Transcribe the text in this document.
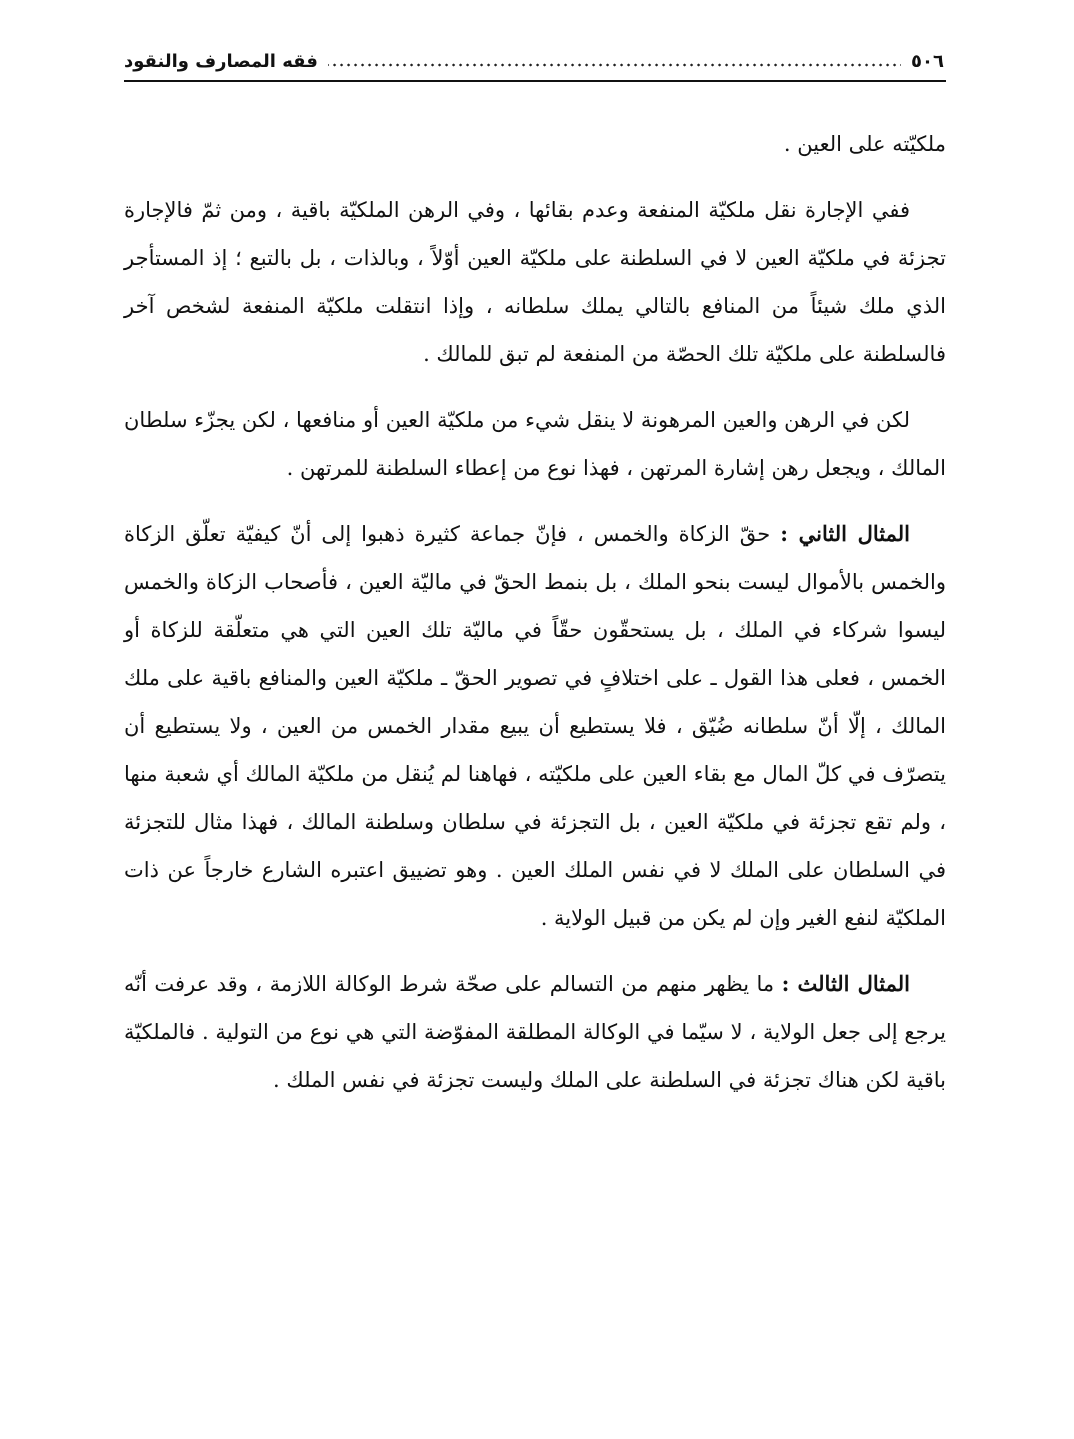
٥٠٦
فقه المصارف والنقود

ملكيّته على العين .

ففي الإجارة نقل ملكيّة المنفعة وعدم بقائها ، وفي الرهن الملكيّة باقية ، ومن ثمّ فالإجارة تجزئة في ملكيّة العين لا في السلطنة على ملكيّة العين أوّلاً ، وبالذات ، بل بالتبع ؛ إذ المستأجر الذي ملك شيئاً من المنافع بالتالي يملك سلطانه ، وإذا انتقلت ملكيّة المنفعة لشخص آخر فالسلطنة على ملكيّة تلك الحصّة من المنفعة لم تبق للمالك .

لكن في الرهن والعين المرهونة لا ينقل شيء من ملكيّة العين أو منافعها ، لكن يجزّء سلطان المالك ، ويجعل رهن إشارة المرتهن ، فهذا نوع من إعطاء السلطنة للمرتهن .

المثال الثاني : حقّ الزكاة والخمس ، فإنّ جماعة كثيرة ذهبوا إلى أنّ كيفيّة تعلّق الزكاة والخمس بالأموال ليست بنحو الملك ، بل بنمط الحقّ في ماليّة العين ، فأصحاب الزكاة والخمس ليسوا شركاء في الملك ، بل يستحقّون حقّاً في ماليّة تلك العين التي هي متعلّقة للزكاة أو الخمس ، فعلى هذا القول ـ على اختلافٍ في تصوير الحقّ ـ ملكيّة العين والمنافع باقية على ملك المالك ، إلّا أنّ سلطانه ضُيّق ، فلا يستطيع أن يبيع مقدار الخمس من العين ، ولا يستطيع أن يتصرّف في كلّ المال مع بقاء العين على ملكيّته ، فهاهنا لم يُنقل من ملكيّة المالك أي شعبة منها ، ولم تقع تجزئة في ملكيّة العين ، بل التجزئة في سلطان وسلطنة المالك ، فهذا مثال للتجزئة في السلطان على الملك لا في نفس الملك العين . وهو تضييق اعتبره الشارع خارجاً عن ذات الملكيّة لنفع الغير وإن لم يكن من قبيل الولاية .

المثال الثالث : ما يظهر منهم من التسالم على صحّة شرط الوكالة اللازمة ، وقد عرفت أنّه يرجع إلى جعل الولاية ، لا سيّما في الوكالة المطلقة المفوّضة التي هي نوع من التولية . فالملكيّة باقية لكن هناك تجزئة في السلطنة على الملك وليست تجزئة في نفس الملك .
